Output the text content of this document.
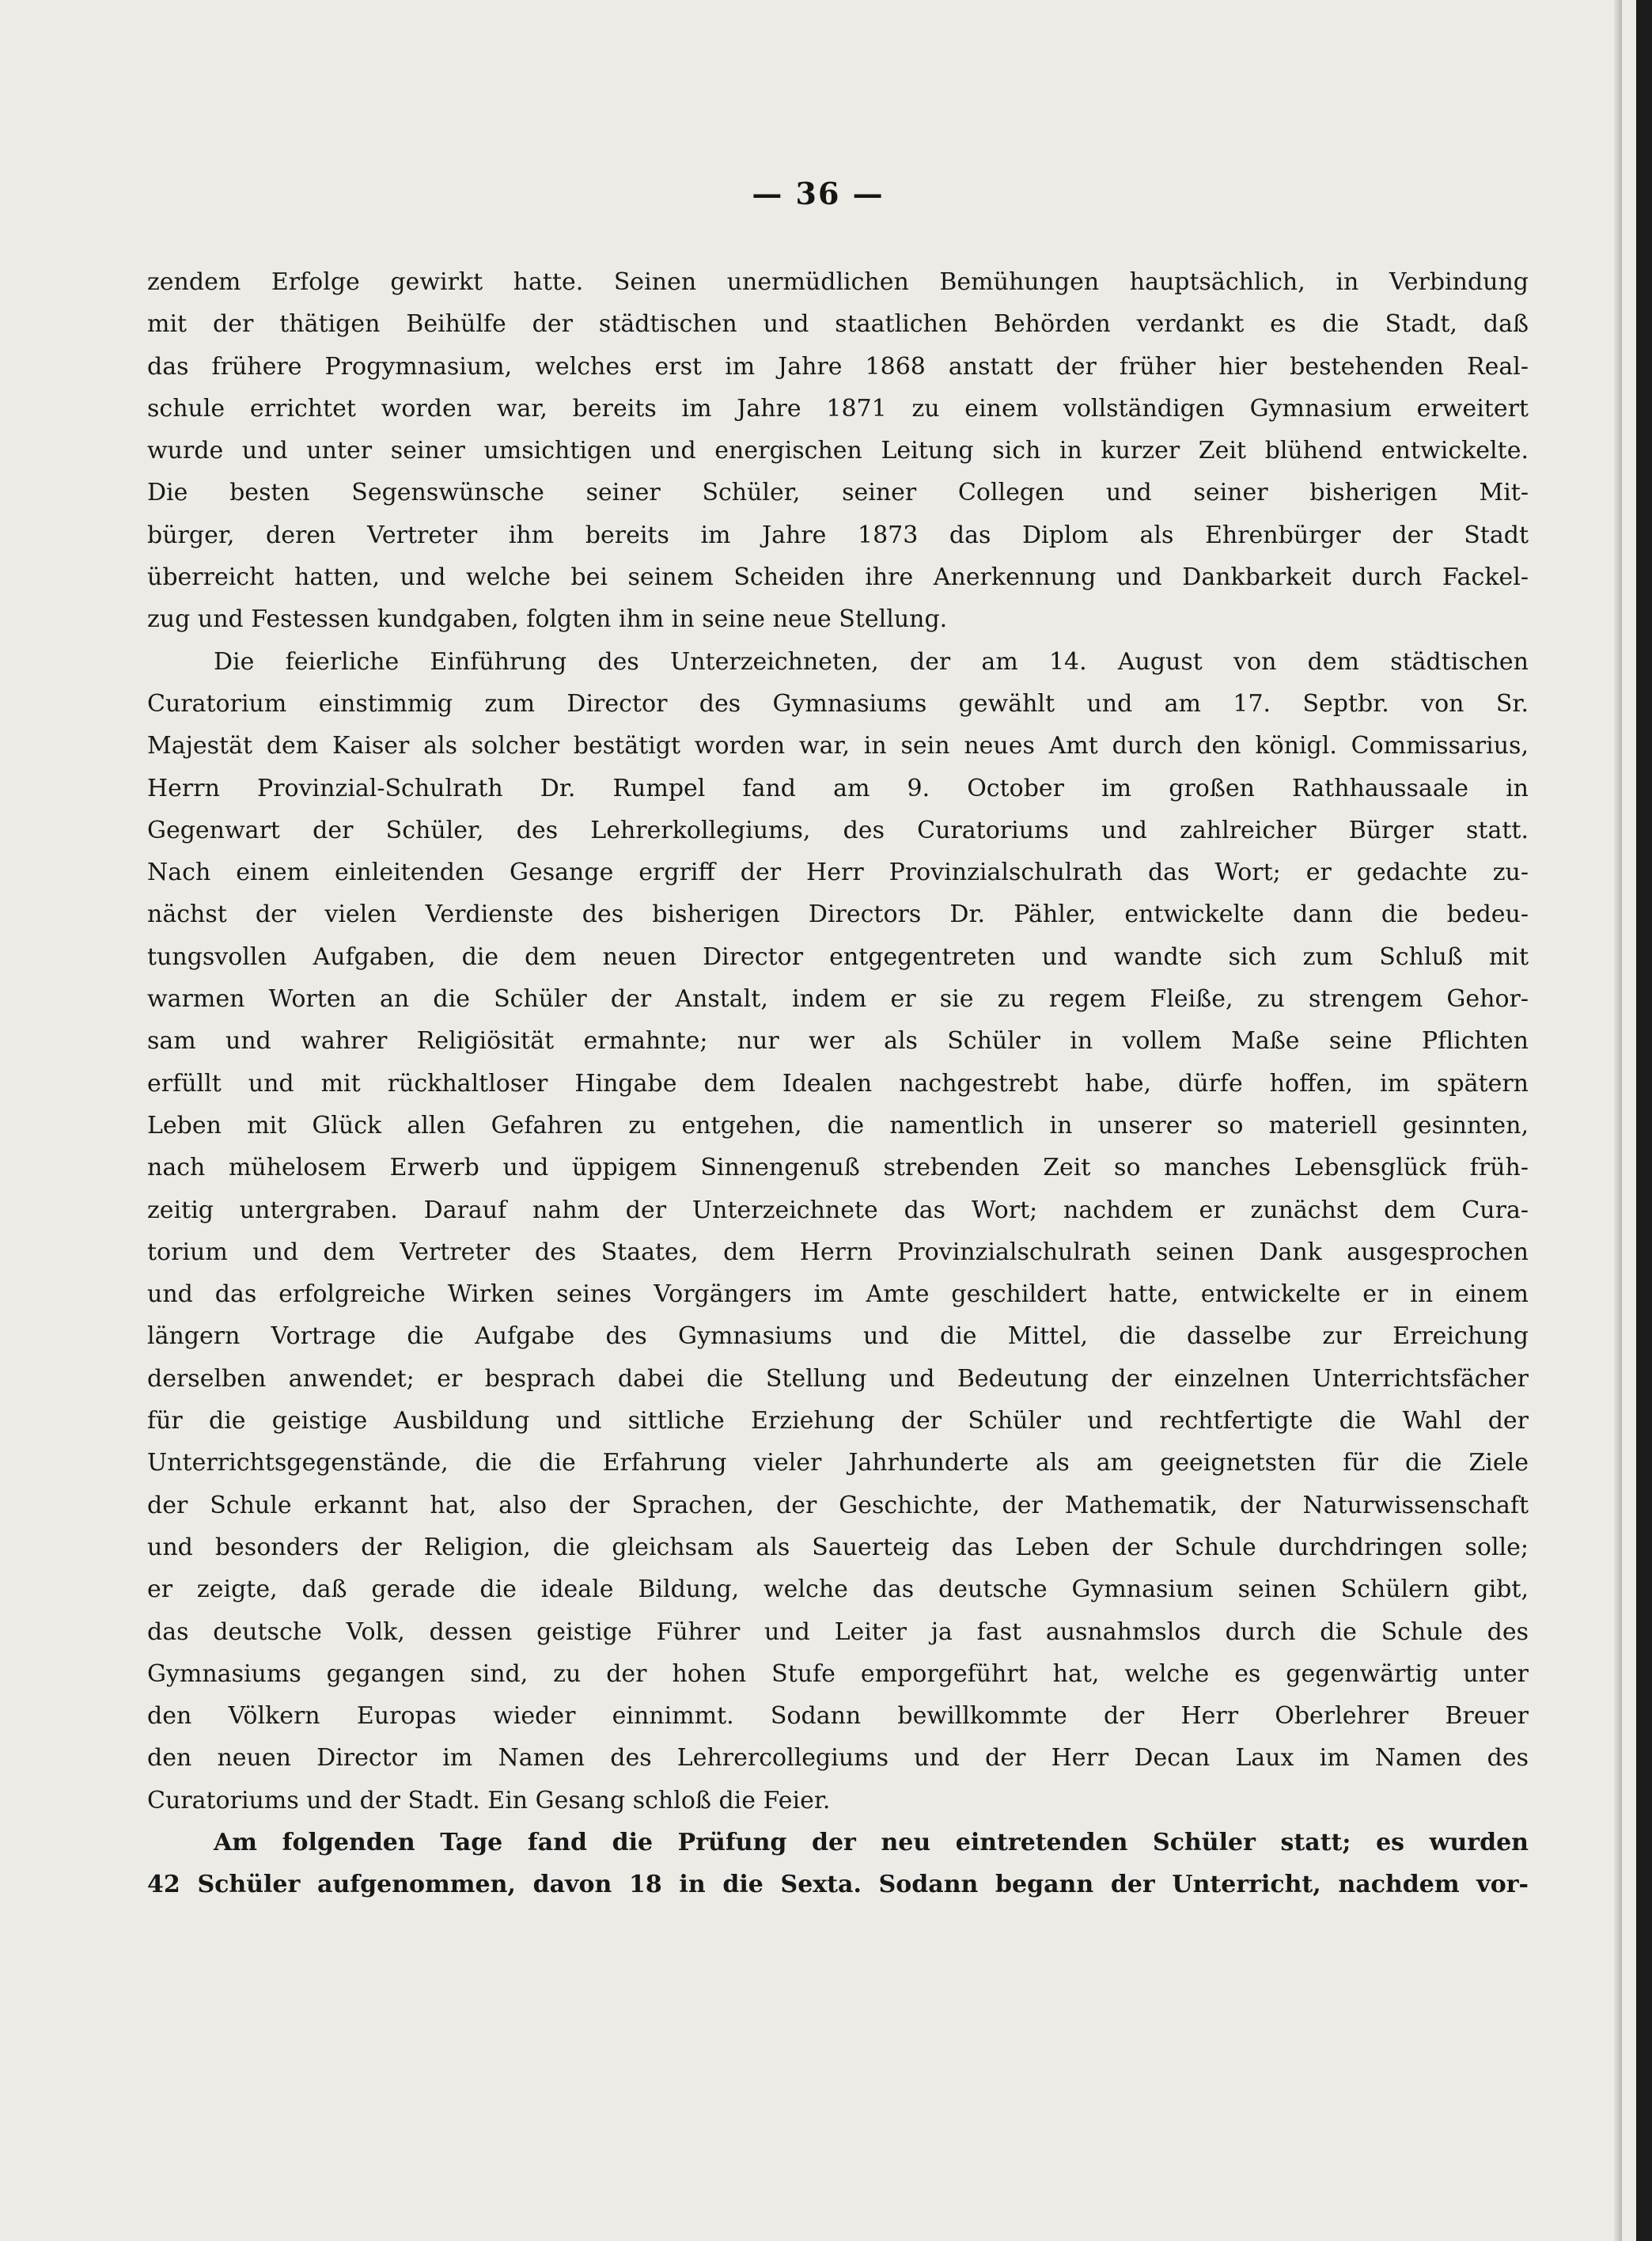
— 36 —

zendem Erfolge gewirkt hatte. Seinen unermüdlichen Bemühungen hauptsächlich, in Verbindung
mit der thätigen Beihülfe der städtischen und staatlichen Behörden verdankt es die Stadt, daß
das frühere Progymnasium, welches erst im Jahre 1868 anstatt der früher hier bestehenden Real-
schule errichtet worden war, bereits im Jahre 1871 zu einem vollständigen Gymnasium erweitert
wurde und unter seiner umsichtigen und energischen Leitung sich in kurzer Zeit blühend entwickelte.
Die besten Segenswünsche seiner Schüler, seiner Collegen und seiner bisherigen Mit-
bürger, deren Vertreter ihm bereits im Jahre 1873 das Diplom als Ehrenbürger der Stadt
überreicht hatten, und welche bei seinem Scheiden ihre Anerkennung und Dankbarkeit durch Fackel-
zug und Festessen kundgaben, folgten ihm in seine neue Stellung.

Die feierliche Einführung des Unterzeichneten, der am 14. August von dem städtischen
Curatorium einstimmig zum Director des Gymnasiums gewählt und am 17. Septbr. von Sr.
Majestät dem Kaiser als solcher bestätigt worden war, in sein neues Amt durch den königl. Commissarius,
Herrn Provinzial-Schulrath Dr. Rumpel fand am 9. October im großen Rathhaussaale in
Gegenwart der Schüler, des Lehrerkollegiums, des Curatoriums und zahlreicher Bürger statt.
Nach einem einleitenden Gesange ergriff der Herr Provinzialschulrath das Wort; er gedachte zu-
nächst der vielen Verdienste des bisherigen Directors Dr. Pähler, entwickelte dann die bedeu-
tungsvollen Aufgaben, die dem neuen Director entgegentreten und wandte sich zum Schluß mit
warmen Worten an die Schüler der Anstalt, indem er sie zu regem Fleiße, zu strengem Gehor-
sam und wahrer Religiösität ermahnte; nur wer als Schüler in vollem Maße seine Pflichten
erfüllt und mit rückhaltloser Hingabe dem Idealen nachgestrebt habe, dürfe hoffen, im spätern
Leben mit Glück allen Gefahren zu entgehen, die namentlich in unserer so materiell gesinnten,
nach mühelosem Erwerb und üppigem Sinnengenuß strebenden Zeit so manches Lebensglück früh-
zeitig untergraben. Darauf nahm der Unterzeichnete das Wort; nachdem er zunächst dem Cura-
torium und dem Vertreter des Staates, dem Herrn Provinzialschulrath seinen Dank ausgesprochen
und das erfolgreiche Wirken seines Vorgängers im Amte geschildert hatte, entwickelte er in einem
längern Vortrage die Aufgabe des Gymnasiums und die Mittel, die dasselbe zur Erreichung
derselben anwendet; er besprach dabei die Stellung und Bedeutung der einzelnen Unterrichtsfächer
für die geistige Ausbildung und sittliche Erziehung der Schüler und rechtfertigte die Wahl der
Unterrichtsgegenstände, die die Erfahrung vieler Jahrhunderte als am geeignetsten für die Ziele
der Schule erkannt hat, also der Sprachen, der Geschichte, der Mathematik, der Naturwissenschaft
und besonders der Religion, die gleichsam als Sauerteig das Leben der Schule durchdringen solle;
er zeigte, daß gerade die ideale Bildung, welche das deutsche Gymnasium seinen Schülern gibt,
das deutsche Volk, dessen geistige Führer und Leiter ja fast ausnahmslos durch die Schule des
Gymnasiums gegangen sind, zu der hohen Stufe emporgeführt hat, welche es gegenwärtig unter
den Völkern Europas wieder einnimmt. Sodann bewillkommte der Herr Oberlehrer Breuer
den neuen Director im Namen des Lehrercollegiums und der Herr Decan Laux im Namen des
Curatoriums und der Stadt. Ein Gesang schloß die Feier.

Am folgenden Tage fand die Prüfung der neu eintretenden Schüler statt; es wurden
42 Schüler aufgenommen, davon 18 in die Sexta. Sodann begann der Unterricht, nachdem vor-
